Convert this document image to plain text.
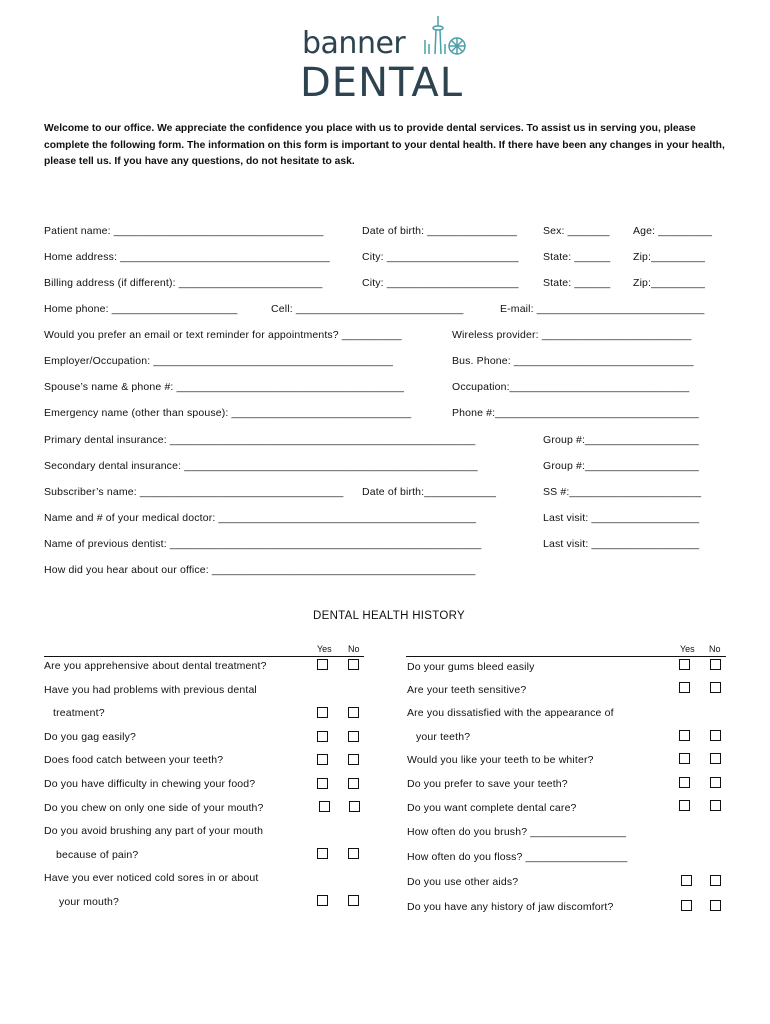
banner
DENTAL
Welcome to our office. We appreciate the confidence you place with us to provide dental services. To assist us in serving you, please complete the following form. The information on this form is important to your dental health. If there have been any changes in your health, please tell us. If you have any questions, do not hesitate to ask.
Patient name: ___________________________________	Date of birth: _______________ Sex: _______ Age: _________
Home address: ___________________________________	City: ______________________ State: ______ Zip:_________
Billing address (if different): ________________________	City: ______________________ State: ______ Zip:_________
Home phone: _____________________	Cell: ____________________________	E-mail: ____________________________
Would you prefer an email or text reminder for appointments? __________	Wireless provider: _________________________
Employer/Occupation: ________________________________________	Bus. Phone: ______________________________
Spouse’s name & phone #: ______________________________________	Occupation:______________________________
Emergency name (other than spouse): ______________________________	Phone #:__________________________________
Primary dental insurance: ___________________________________________________	Group #:___________________
Secondary dental insurance: _________________________________________________	Group #:___________________
Subscriber’s name: __________________________________ Date of birth:____________	SS #:______________________
Name and # of your medical doctor: ___________________________________________	Last visit: __________________
Name of previous dentist: ____________________________________________________	Last visit: __________________
How did you hear about our office: ____________________________________________
DENTAL HEALTH HISTORY
Yes No	Yes No
Are you apprehensive about dental treatment?
Have you had problems with previous dental
treatment?
Do you gag easily?
Does food catch between your teeth?
Do you have difficulty in chewing your food?
Do you chew on only one side of your mouth?
Do you avoid brushing any part of your mouth
because of pain?
Have you ever noticed cold sores in or about
your mouth?
Do your gums bleed easily
Are your teeth sensitive?
Are you dissatisfied with the appearance of
your teeth?
Would you like your teeth to be whiter?
Do you prefer to save your teeth?
Do you want complete dental care?
How often do you brush? ________________
How often do you floss? _________________
Do you use other aids?
Do you have any history of jaw discomfort?
